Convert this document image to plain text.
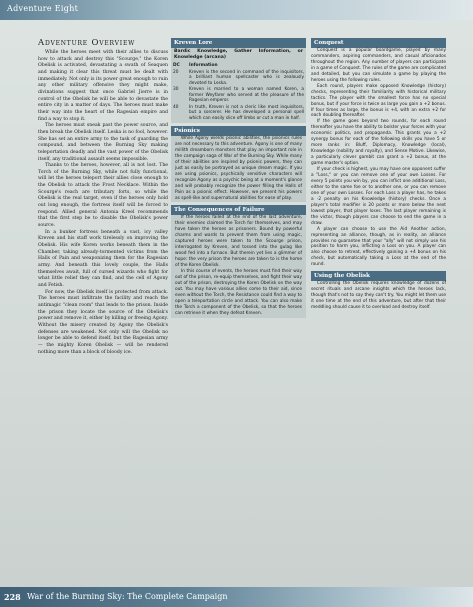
Adventure Eight
Adventure Overview

While the heroes meet with their allies to discuss how to attack and destroy this "Scourge," the Koren Obelisk is activated, devastating a swath of Seaquen and making it clear this threat must be dealt with immediately. Not only is its power great enough to ruin any other military offensive they might make, divinations suggest that once Gabriel Jierre is in control of the Obelisk he will be able to devastate the entire city in a matter of days. The heroes must make their way into the heart of the Ragesian empire and find a way to stop it.

The heroes must sneak past the power source, and then break the Obelisk itself. Leska is no fool, however. She has set an entire army to the task of guarding the compound, and between the Burning Sky making teleportation deadly and the vast power of the Obelisk itself, any traditional assault seems impossible.

Thanks to the heroes, however, all is not lost. The Torch of the Burning Sky, while not fully functional, will let the heroes teleport their allies close enough to the Obelisk to attack the Frost Necklace. Within the Scourge's reach are tributary forts, so while the Obelisk is the real target, even if the heroes only hold out long enough, the fortress itself will be forced to respond. Allied general Antonia Kreel recommends that the first step be to disable the Obelisk's power source.

In a bunker fortress beneath a vast, icy valley Kreven and his staff work tirelessly on improving the Obelisk. His wife Koren works beneath them in the Chamber, taking already-tormented victims from the Halls of Pain and weaponizing them for the Ragesian army. And beneath this lovely couple, the Halls themselves await, full of cursed wizards who fight for what little relief they can find, and the cell of Agony and Fetish.

For now, the Obelisk itself is protected from attack. The heroes must infiltrate the facility and reach the antimagic "clean room" that leads to the prison. Inside the prison they locate the source of the Obelisk's power and remove it, either by killing or freeing Agony. Without the misery created by Agony the Obelisk's defenses are weakened. Not only will the Obelisk no longer be able to defend itself, but the Ragesian army — the mighty Koren Obelisk — will be rendered nothing more than a block of bloody ice.

Kreven Lore
Bardic Knowledge, Gather Information, or Knowledge (arcana)
DC	Information
20	Kreven is the second in command of the inquisitors, a brilliant human spellcaster who is zealously devoted to Leska.
30	Kreven is married to a woman named Koren, a former Weyfarer who served at the pleasure of the Ragesian emperor.
40	In truth, Kreven is not a cleric like most inquisitors, but a sorcerer. He has developed a personal spell which can easily slice off limbs or cut a man in half.
Psionics

While Agony wields psionic abilities, the psionics rules are not necessary to this adventure. Agony is one of many millith dreamborn monsters that play an important role in the campaign saga of War of the Burning Sky. While many of their abilities are inspired by psionic powers, they can just as easily be portrayed as unique dream magic. If you are using psionics, psychically sensitive characters will recognize Agony as a psychic being at a moment's glance and will probably recognize the power filling the Halls of Pain as a psionic effect. However, we present his powers as spell-like and supernatural abilities for ease of play.

The Consequences of Failure

If the heroes failed at the end of the last adventure, their enemies claimed the Torch for themselves, and may have taken the heroes as prisoners. Bound by powerful charms and wards to prevent them from using magic, captured heroes were taken to the Scourge prison, interrogated by Kreven, and tossed into the gulag like wood fed into a furnace. But therein yet lies a glimmer of hope: the very prison the heroes are taken to is the home of the Koren Obelisk.

In this course of events, the heroes must find their way out of the prison, re-equip themselves, and fight their way out of the prison, destroying the Koren Obelisk on the way out. You may have various allies come to their aid, since even without the Torch, the Resistance could find a way to open a teleportation circle and attack. You can also make the Torch a component of the Obelisk, so that the heroes can retrieve it when they defeat Kreven.

Conquest

Conquest is a popular boardgame, played by many commanders, aspiring commanders, and casual aficionados throughout the region. Any number of players can participate in a game of Conquest. The rules of the game are complicated and detailed, but you can simulate a game by playing the heroes using the following rules.

Each round, players make opposed Knowledge (history) checks, representing their familiarity with historical military tactics. The player with the smallest force has no special bonus, but if your force is twice as large you gain a +2 bonus. If four times as large, the bonus is +4, with an extra +2 for each doubling thereafter.

If the game goes beyond two rounds, for each round thereafter you have the ability to bolster your forces with your economic politics, and propaganda. This grants you a +2 synergy bonus for each of the following skills you have 5 or more ranks in: Bluff, Diplomacy, Knowledge (local), Knowledge (nobility and royalty), and Sense Motive. Likewise, a particularly clever gambit can grant a +2 bonus, at the game master's option.

If your check is highest, you may have one opponent suffer a "Loss," or you can remove one of your own Losses. For every 5 points you win by, you can inflict one additional Loss, either to the same foe or to another one, or you can remove one of your own Losses. For each Loss a player has, he takes a -2 penalty on his Knowledge (history) checks. Once a player's total modifier is 20 points or more below the next lowest player, that player loses. The last player remaining is the victor, though players can choose to end the game in a draw.

A player can choose to use the Aid Another action, representing an alliance, though, as in reality, an alliance provides no guarantee that your "ally" will not simply use his position to harm you, inflicting a Loss on you. A player can also choose to retreat, effectively gaining a +4 bonus on his check, but automatically taking a Loss at the end of the round.

Using the Obelisk

Controlling the Obelisk requires knowledge of dozens of secret rituals and arcane insights which the heroes lack, though that's not to say they can't try. You might let them use it one time at the end of this adventure, but after that their meddling should cause it to overload and destroy itself.

228 War of the Burning Sky: The Complete Campaign
